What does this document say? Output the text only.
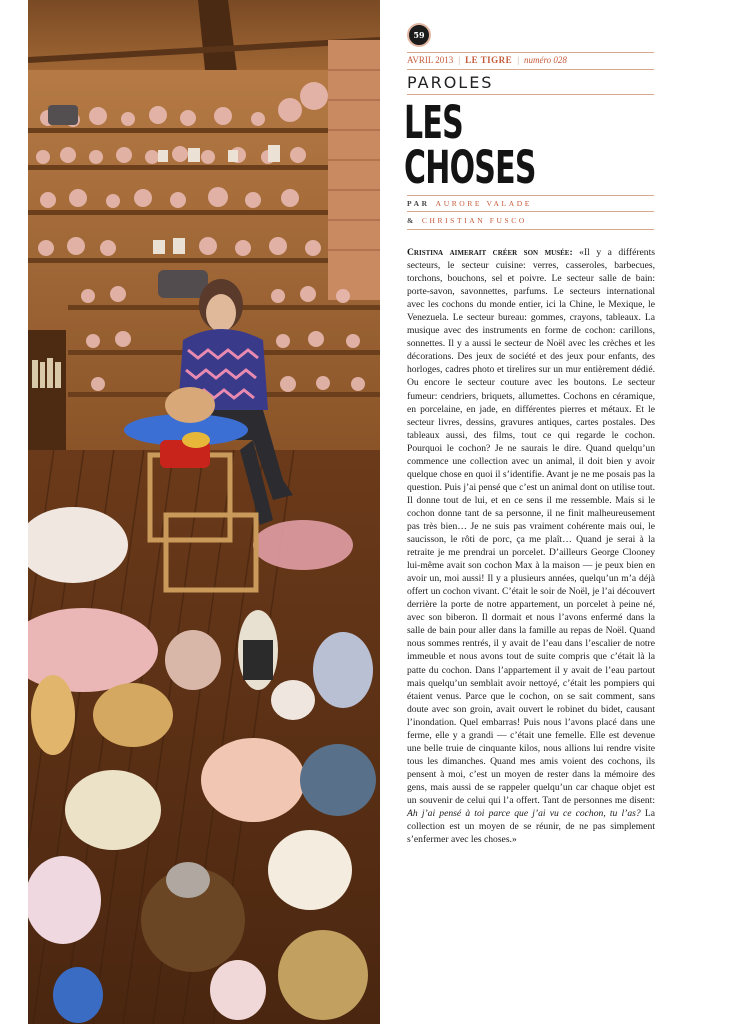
59
AVRIL 2013 | LE TIGRE | numéro 028
PAROLES
LES
CHOSES
PAR AURORE VALADE
& CHRISTIAN FUSCO

Cristina aimerait créer son musée: «Il y a différents secteurs, le secteur cuisine: verres, casseroles, barbecues, torchons, bouchons, sel et poivre. Le secteur salle de bain: porte-savon, savonnettes, parfums. Le secteurs international avec les cochons du monde entier, ici la Chine, le Mexique, le Venezuela. Le secteur bureau: gommes, crayons, tableaux. La musique avec des instruments en forme de cochon: carillons, sonnettes. Il y a aussi le secteur de Noël avec les crèches et les décorations. Des jeux de société et des jeux pour enfants, des horloges, cadres photo et tirelires sur un mur entièrement dédié. Ou encore le secteur couture avec les boutons. Le secteur fumeur: cendriers, briquets, allumettes. Cochons en céramique, en porcelaine, en jade, en différentes pierres et métaux. Et le secteur livres, dessins, gravures antiques, cartes postales. Des tableaux aussi, des films, tout ce qui regarde le cochon. Pourquoi le cochon? Je ne saurais le dire. Quand quelqu’un commence une collection avec un animal, il doit bien y avoir quelque chose en quoi il s’identifie. Avant je ne me posais pas la question. Puis j’ai pensé que c’est un animal dont on utilise tout. Il donne tout de lui, et en ce sens il me ressemble. Mais si le cochon donne tant de sa personne, il ne finit malheureusement pas très bien… Je ne suis pas vraiment cohérente mais oui, le saucisson, le rôti de porc, ça me plaît… Quand je serai à la retraite je me prendrai un porcelet. D’ailleurs George Clooney lui-même avait son cochon Max à la maison — je peux bien en avoir un, moi aussi! Il y a plusieurs années, quelqu’un m’a déjà offert un cochon vivant. C’était le soir de Noël, je l’ai découvert derrière la porte de notre appartement, un porcelet à peine né, avec son biberon. Il dormait et nous l’avons enfermé dans la salle de bain pour aller dans la famille au repas de Noël. Quand nous sommes rentrés, il y avait de l’eau dans l’escalier de notre immeuble et nous avons tout de suite compris que c’était là la patte du cochon. Dans l’appartement il y avait de l’eau partout mais quelqu’un semblait avoir nettoyé, c’était les pompiers qui étaient venus. Parce que le cochon, on se sait comment, sans doute avec son groin, avait ouvert le robinet du bidet, causant l’inondation. Quel embarras! Puis nous l’avons placé dans une ferme, elle y a grandi — c’était une femelle. Elle est devenue une belle truie de cinquante kilos, nous allions lui rendre visite tous les dimanches. Quand mes amis voient des cochons, ils pensent à moi, c’est un moyen de rester dans la mémoire des gens, mais aussi de se rappeler quelqu’un car chaque objet est un souvenir de celui qui l’a offert. Tant de personnes me disent: Ah j’ai pensé à toi parce que j’ai vu ce cochon, tu l’as? La collection est un moyen de se réunir, de ne pas simplement s’enfermer avec les choses.»
